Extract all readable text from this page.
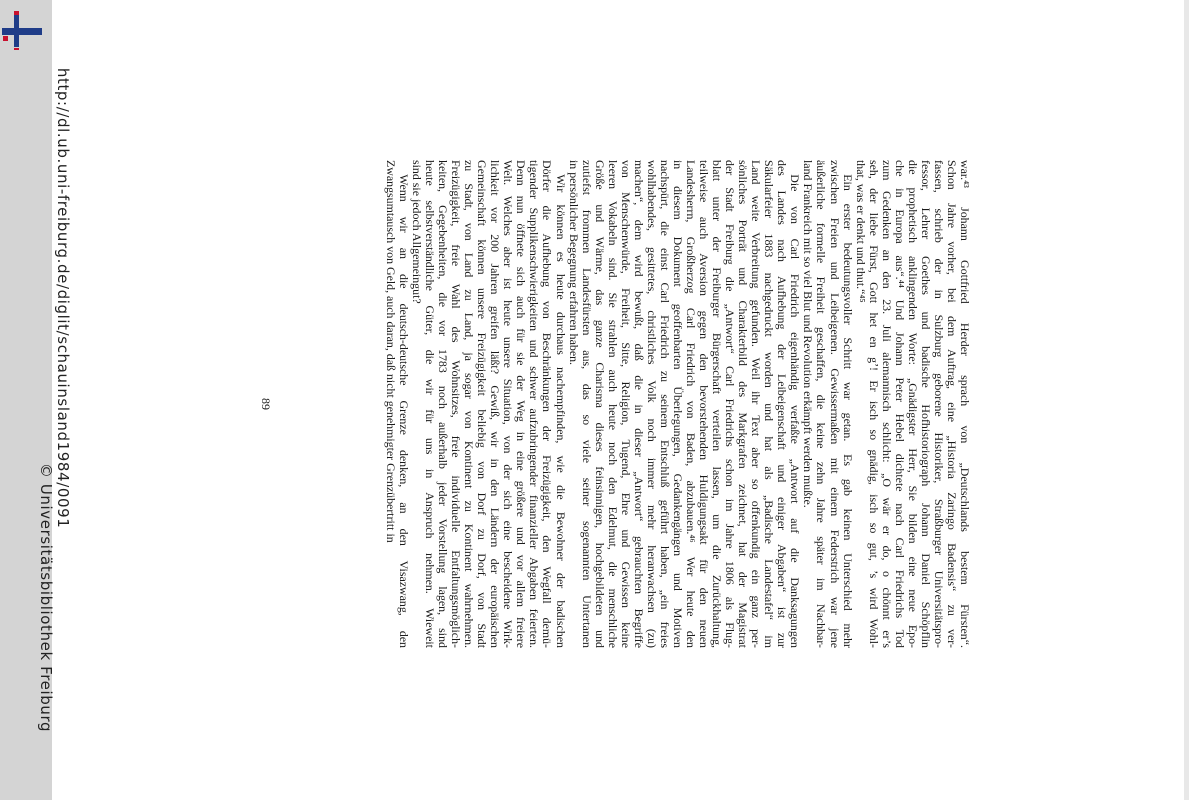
http://dl.ub.uni-freiburg.de/diglit/schauinsland1984/0091
© Universitätsbibliothek Freiburg	war.⁴³ Johann Gottfried Herder sprach von „Deutschlands bestem Fürsten“.

Schon Jahre vorher, bei dem Auftrag, eine „Historia Zaringo Badensis“ zu ver-

fassen, schrieb der in Sulzburg geborene Historiker, Straßburger Universitätspro-

fessor, Lehrer Goethes und badische Hofhistoriograph Johann Daniel Schöpflin

die prophetisch anklingenden Worte: „Gnädigster Herr, Sie bilden eine neue Epo-

che in Europa aus“.⁴⁴ Und Johann Peter Hebel dichtete nach Carl Friedrichs Tod

zum Gedenken an den 23. Juli alemannisch schlicht: „O wär er do, o chönnt er’s

seh, der liebe Fürst, Gott het en gʼ! Er isch so gnädig, isch so gut, ’s wird Wohl-

that, was er denkt und thut.“⁴⁵

Ein erster bedeutungsvoller Schritt war getan. Es gab keinen Unterschied mehr

zwischen Freien und Leibeigenen. Gewissermaßen mit einem Federstrich war jene

äußerliche formelle Freiheit geschaffen, die keine zehn Jahre später im Nachbar-

land Frankreich mit so viel Blut und Revolution erkämpft werden mußte.

Die von Carl Friedrich eigenhändig verfaßte „Antwort auf die Danksagungen

des Landes nach Aufhebung der Leibeigenschaft und einiger Abgaben“ ist zur

Säkularfeier 1883 nachgedruckt worden und hat als „Badische Landestafel“ im

Land weite Verbreitung gefunden. Weil ihr Text aber so offenkundig ein ganz per-

sönliches Porträt und Charakterbild des Markgrafen zeichnet, hat der Magistrat

der Stadt Freiburg die „Antwort“ Carl Friedrichs schon im Jahre 1806 als Flug-

blatt unter der Freiburger Bürgerschaft verteilen lassen, um die Zurückhaltung,

teilweise auch Aversion gegen den bevorstehenden Huldigungsakt für den neuen

Landesherrn, Großherzog Carl Friedrich von Baden, abzubauen.⁴⁶ Wer heute den

in diesem Dokument geoffenbarten Überlegungen, Gedankengängen und Motiven

nachspürt, die einst Carl Friedrich zu seinem Entschluß geführt haben, „ein freies

wohlhabendes, gesittetes, christliches Volk noch immer mehr heranwachsen (zu)

machen“, dem wird bewußt, daß die in dieser „Antwort“ gebrauchten Begriffe

von Menschenwürde, Freiheit, Sitte, Religion, Tugend, Ehre und Gewissen keine

leeren Vokabeln sind. Sie strahlen auch heute noch den Edelmut, die menschliche

Größe und Wärme, das ganze Charisma dieses feinsinnigen, hochgebildeten und

zutiefst frommen Landesfürsten aus, das so viele seiner sogenannten Untertanen

in persönlicher Begegnung erfahren haben.

Wir können es heute durchaus nachempfinden, wie die Bewohner der badischen

Dörfer die Aufhebung von Beschränkungen der Freizügigkeit, den Wegfall demü-

tigender Supplikenschwierigkeiten und schwer aufzubringender finanzieller Abgaben feierten.

Denn nun öffnete sich auch für sie der Weg in eine größere und vor allem freiere

Welt. Welches aber ist heute unsere Situation, von der sich eine bescheidene Wirk-

lichkeit vor 200 Jahren greifen läßt? Gewiß, wir in den Ländern der europäischen

Gemeinschaft können unsere Freizügigkeit beliebig von Dorf zu Dorf, von Stadt

zu Stadt, von Land zu Land, ja sogar von Kontinent zu Kontinent wahrnehmen.

Freizügigkeit, freie Wahl des Wohnsitzes, freie individuelle Entfaltungsmöglich-

keiten, Gegebenheiten, die vor 1783 noch außerhalb jeder Vorstellung lagen, sind

heute selbstverständliche Güter, die wir für uns in Anspruch nehmen. Wieweit

sind sie jedoch Allgemeingut?

Wenn wir an die deutsch-deutsche Grenze denken, an den Visazwang, den

Zwangsumtausch von Geld, auch daran, daß nicht genehmigter Grenzübertritt in

89
